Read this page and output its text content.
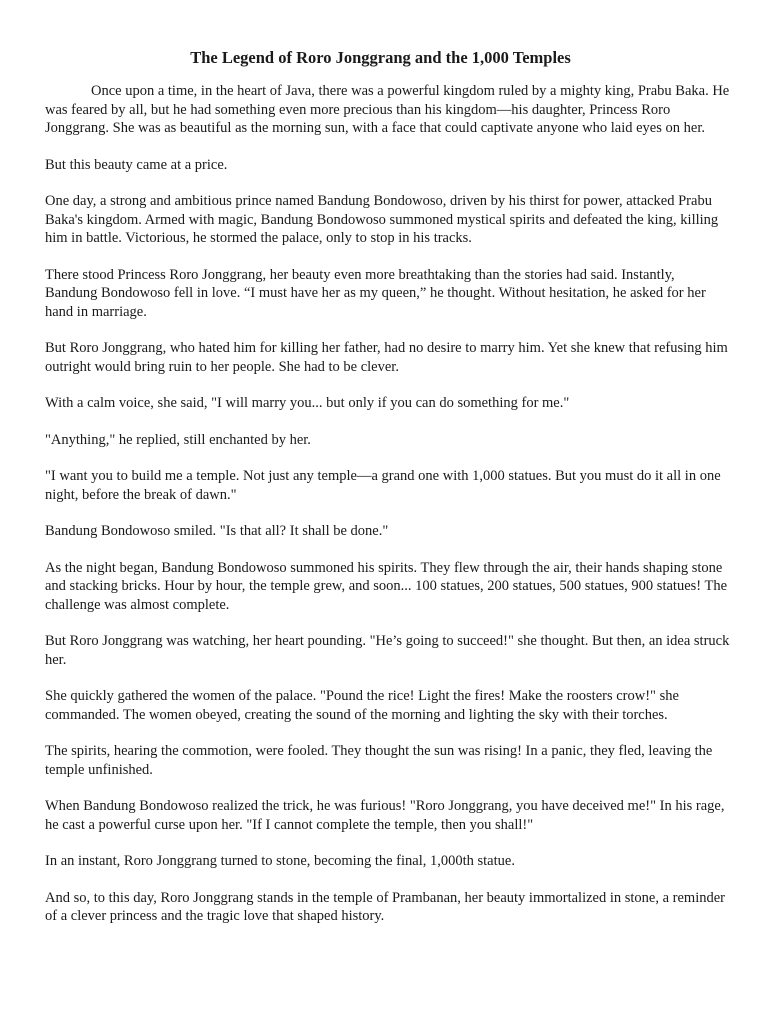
The Legend of Roro Jonggrang and the 1,000 Temples

Once upon a time, in the heart of Java, there was a powerful kingdom ruled by a mighty king, Prabu Baka. He was feared by all, but he had something even more precious than his kingdom—his daughter, Princess Roro Jonggrang. She was as beautiful as the morning sun, with a face that could captivate anyone who laid eyes on her.

But this beauty came at a price.

One day, a strong and ambitious prince named Bandung Bondowoso, driven by his thirst for power, attacked Prabu Baka's kingdom. Armed with magic, Bandung Bondowoso summoned mystical spirits and defeated the king, killing him in battle. Victorious, he stormed the palace, only to stop in his tracks.

There stood Princess Roro Jonggrang, her beauty even more breathtaking than the stories had said. Instantly, Bandung Bondowoso fell in love. “I must have her as my queen,” he thought. Without hesitation, he asked for her hand in marriage.

But Roro Jonggrang, who hated him for killing her father, had no desire to marry him. Yet she knew that refusing him outright would bring ruin to her people. She had to be clever.

With a calm voice, she said, "I will marry you... but only if you can do something for me."

"Anything," he replied, still enchanted by her.

"I want you to build me a temple. Not just any temple—a grand one with 1,000 statues. But you must do it all in one night, before the break of dawn."

Bandung Bondowoso smiled. "Is that all? It shall be done."

As the night began, Bandung Bondowoso summoned his spirits. They flew through the air, their hands shaping stone and stacking bricks. Hour by hour, the temple grew, and soon... 100 statues, 200 statues, 500 statues, 900 statues! The challenge was almost complete.

But Roro Jonggrang was watching, her heart pounding. "He’s going to succeed!" she thought. But then, an idea struck her.

She quickly gathered the women of the palace. "Pound the rice! Light the fires! Make the roosters crow!" she commanded. The women obeyed, creating the sound of the morning and lighting the sky with their torches.

The spirits, hearing the commotion, were fooled. They thought the sun was rising! In a panic, they fled, leaving the temple unfinished.

When Bandung Bondowoso realized the trick, he was furious! "Roro Jonggrang, you have deceived me!" In his rage, he cast a powerful curse upon her. "If I cannot complete the temple, then you shall!"

In an instant, Roro Jonggrang turned to stone, becoming the final, 1,000th statue.

And so, to this day, Roro Jonggrang stands in the temple of Prambanan, her beauty immortalized in stone, a reminder of a clever princess and the tragic love that shaped history.
